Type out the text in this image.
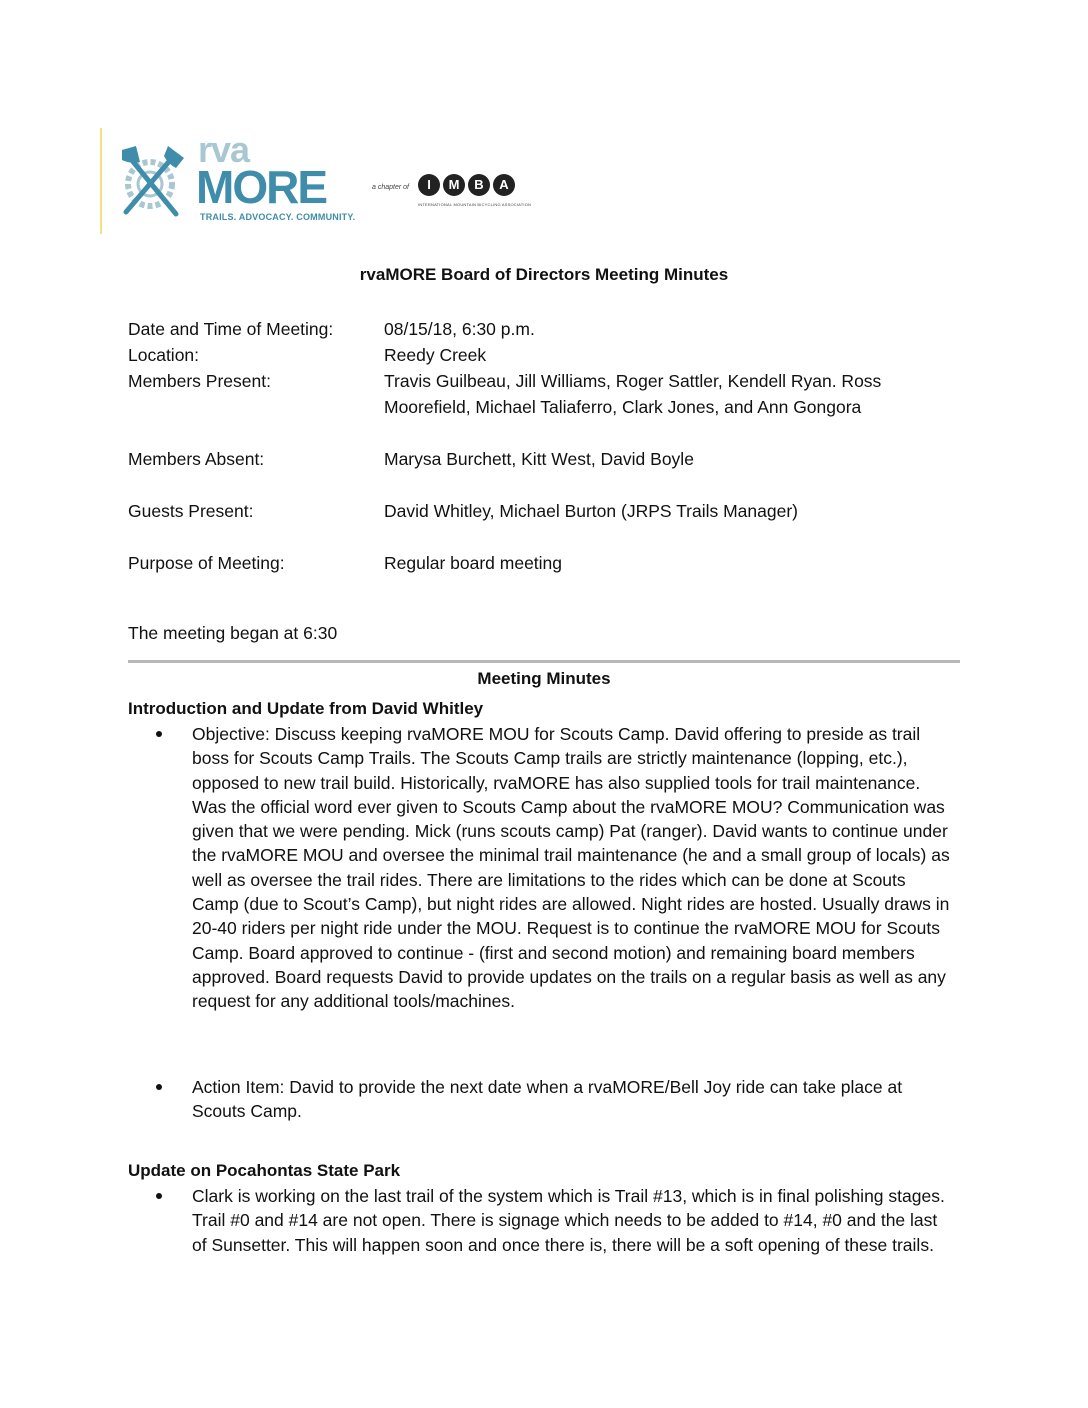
rva
MORE
TRAILS. ADVOCACY. COMMUNITY.
a chapter of	I M B A
INTERNATIONAL MOUNTAIN BICYCLING ASSOCIATION
rvaMORE Board of Directors Meeting Minutes
Date and Time of Meeting:	08/15/18, 6:30 p.m.
Location:	Reedy Creek
Members Present:	Travis Guilbeau, Jill Williams, Roger Sattler, Kendell Ryan. Ross Moorefield, Michael Taliaferro, Clark Jones, and Ann Gongora
Members Absent:	Marysa Burchett, Kitt West, David Boyle
Guests Present:	David Whitley, Michael Burton (JRPS Trails Manager)
Purpose of Meeting:	Regular board meeting
The meeting began at 6:30
Meeting Minutes
Introduction and Update from David Whitley
Objective: Discuss keeping rvaMORE MOU for Scouts Camp. David offering to preside as trail boss for Scouts Camp Trails. The Scouts Camp trails are strictly maintenance (lopping, etc.), opposed to new trail build. Historically, rvaMORE has also supplied tools for trail maintenance. Was the official word ever given to Scouts Camp about the rvaMORE MOU? Communication was given that we were pending. Mick (runs scouts camp) Pat (ranger). David wants to continue under the rvaMORE MOU and oversee the minimal trail maintenance (he and a small group of locals) as well as oversee the trail rides. There are limitations to the rides which can be done at Scouts Camp (due to Scout’s Camp), but night rides are allowed. Night rides are hosted. Usually draws in 20-40 riders per night ride under the MOU. Request is to continue the rvaMORE MOU for Scouts Camp. Board approved to continue - (first and second motion) and remaining board members approved. Board requests David to provide updates on the trails on a regular basis as well as any request for any additional tools/machines.
Action Item: David to provide the next date when a rvaMORE/Bell Joy ride can take place at Scouts Camp.
Update on Pocahontas State Park
Clark is working on the last trail of the system which is Trail #13, which is in final polishing stages. Trail #0 and #14 are not open. There is signage which needs to be added to #14, #0 and the last of Sunsetter. This will happen soon and once there is, there will be a soft opening of these trails.
